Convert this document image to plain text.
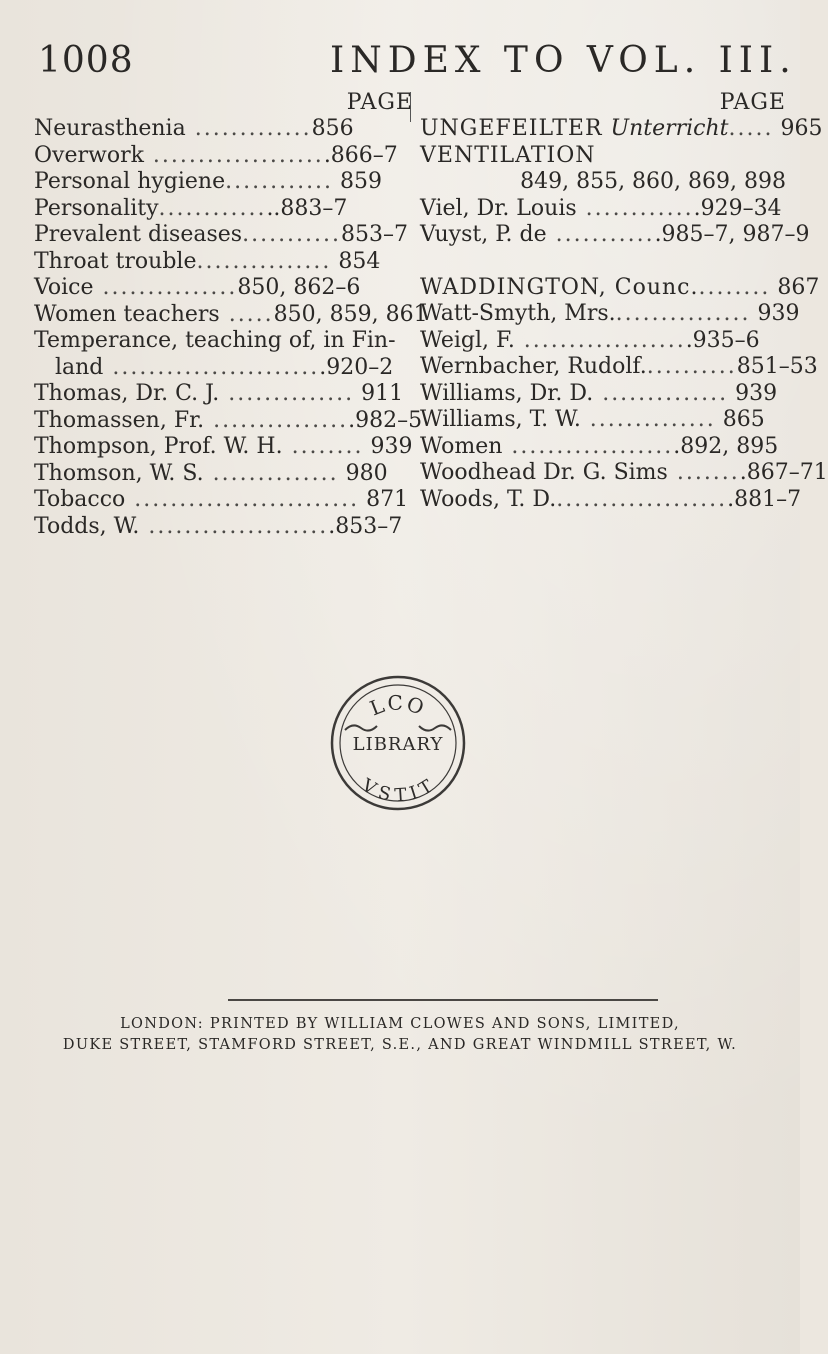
1008	INDEX TO VOL. III.
PAGE
Neurasthenia .............856
Overwork ....................866–7
Personal hygiene............ 859
Personality..............883–7
Prevalent diseases...........853–7
Throat trouble............... 854
Voice ...............850, 862–6
Women teachers .....850, 859, 861
Temperance, teaching of, in Fin-
land ........................920–2
Thomas, Dr. C. J. .............. 911
Thomassen, Fr. ................982–5
Thompson, Prof. W. H. ........ 939
Thomson, W. S. .............. 980
Tobacco ......................... 871
Todds, W. .....................853–7
PAGE
UNGEFEILTER Unterricht..... 965
VENTILATION
849, 855, 860, 869, 898
Viel, Dr. Louis .............929–34
Vuyst, P. de ............985–7, 987–9
WADDINGTON, Counc......... 867
Watt-Smyth, Mrs................ 939
Weigl, F. ...................935–6
Wernbacher, Rudolf...........851–53
Williams, Dr. D. .............. 939
Williams, T. W. .............. 865
Women ...................892, 895
Woodhead Dr. G. Sims ........867–71
Woods, T. D.....................881–7
LCO
LIBRARY
VSTIT
LONDON: PRINTED BY WILLIAM CLOWES AND SONS, LIMITED,
DUKE STREET, STAMFORD STREET, S.E., AND GREAT WINDMILL STREET, W.
